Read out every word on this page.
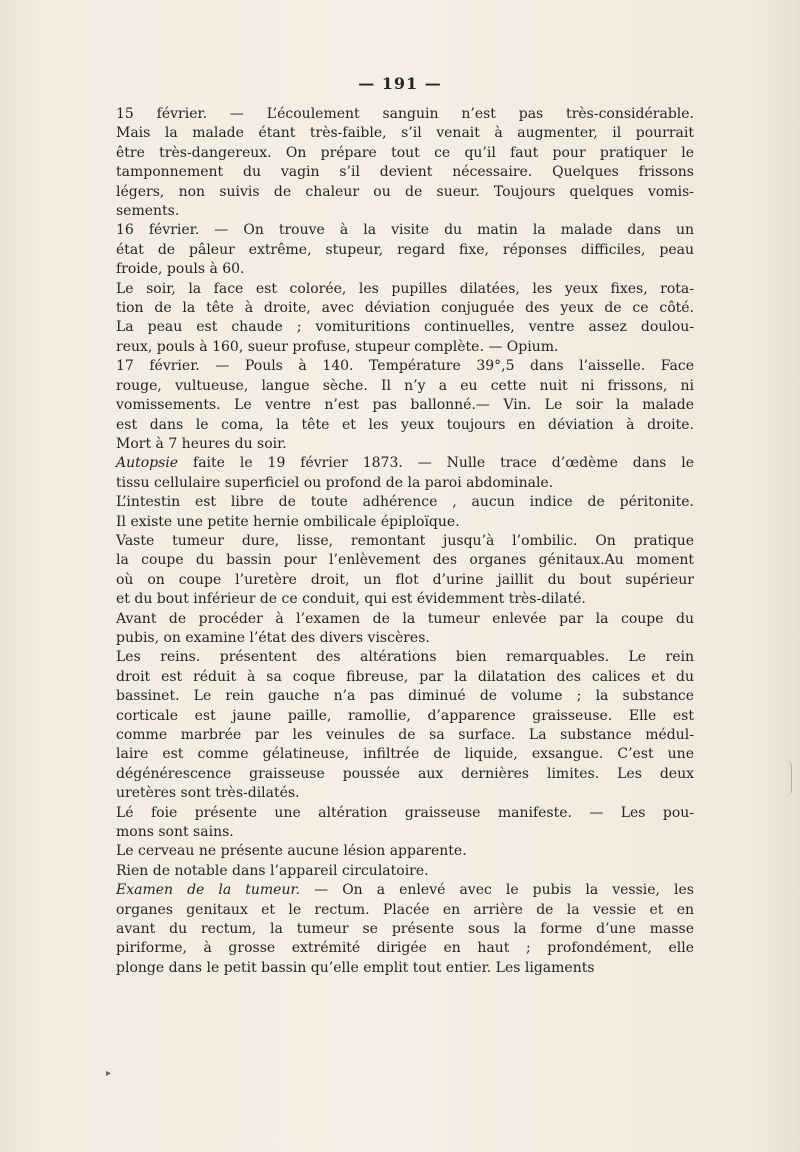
— 191 —

15 février. — L’écoulement sanguin n’est pas très-considérable.

Mais la malade étant très-faible, s’il venait à augmenter, il pourrait

être très-dangereux. On prépare tout ce qu’il faut pour pratiquer le

tamponnement du vagin s’il devient nécessaire. Quelques frissons

légers, non suivis de chaleur ou de sueur. Toujours quelques vomis-

sements.

16 février. — On trouve à la visite du matin la malade dans un

état de pâleur extrême, stupeur, regard fixe, réponses difficiles, peau

froide, pouls à 60.

Le soir, la face est colorée, les pupilles dilatées, les yeux fixes, rota-

tion de la tête à droite, avec déviation conjuguée des yeux de ce côté.

La peau est chaude ; vomituritions continuelles, ventre assez doulou-

reux, pouls à 160, sueur profuse, stupeur complète. — Opium.

17 février. — Pouls à 140. Température 39°,5 dans l’aisselle. Face

rouge, vultueuse, langue sèche. Il n’y a eu cette nuit ni frissons, ni

vomissements. Le ventre n’est pas ballonné.— Vin. Le soir la malade

est dans le coma, la tête et les yeux toujours en déviation à droite.

Mort à 7 heures du soir.

Autopsie faite le 19 février 1873. — Nulle trace d’œdème dans le

tissu cellulaire superficiel ou profond de la paroi abdominale.

L’intestin est libre de toute adhérence , aucun indice de péritonite.

Il existe une petite hernie ombilicale épiploïque.

Vaste tumeur dure, lisse, remontant jusqu’à l’ombilic. On pratique

la coupe du bassin pour l’enlèvement des organes génitaux.Au moment

où on coupe l’uretère droit, un flot d’urine jaillit du bout supérieur

et du bout inférieur de ce conduit, qui est évidemment très-dilaté.

Avant de procéder à l’examen de la tumeur enlevée par la coupe du

pubis, on examine l’état des divers viscères.

Les reins. présentent des altérations bien remarquables. Le rein

droit est réduit à sa coque fibreuse, par la dilatation des calices et du

bassinet. Le rein gauche n’a pas diminué de volume ; la substance

corticale est jaune paille, ramollie, d’apparence graisseuse. Elle est

comme marbrée par les veinules de sa surface. La substance médul-

laire est comme gélatineuse, infiltrée de liquide, exsangue. C’est une

dégénérescence graisseuse poussée aux dernières limites. Les deux

uretères sont très-dilatés.

Lé foie présente une altération graisseuse manifeste. — Les pou-

mons sont sains.

Le cerveau ne présente aucune lésion apparente.

Rien de notable dans l’appareil circulatoire.

Examen de la tumeur. — On a enlevé avec le pubis la vessie, les

organes genitaux et le rectum. Placée en arrière de la vessie et en

avant du rectum, la tumeur se présente sous la forme d’une masse

piriforme, à grosse extrémité dirigée en haut ; profondément, elle

plonge dans le petit bassin qu’elle emplit tout entier. Les ligaments

▸
